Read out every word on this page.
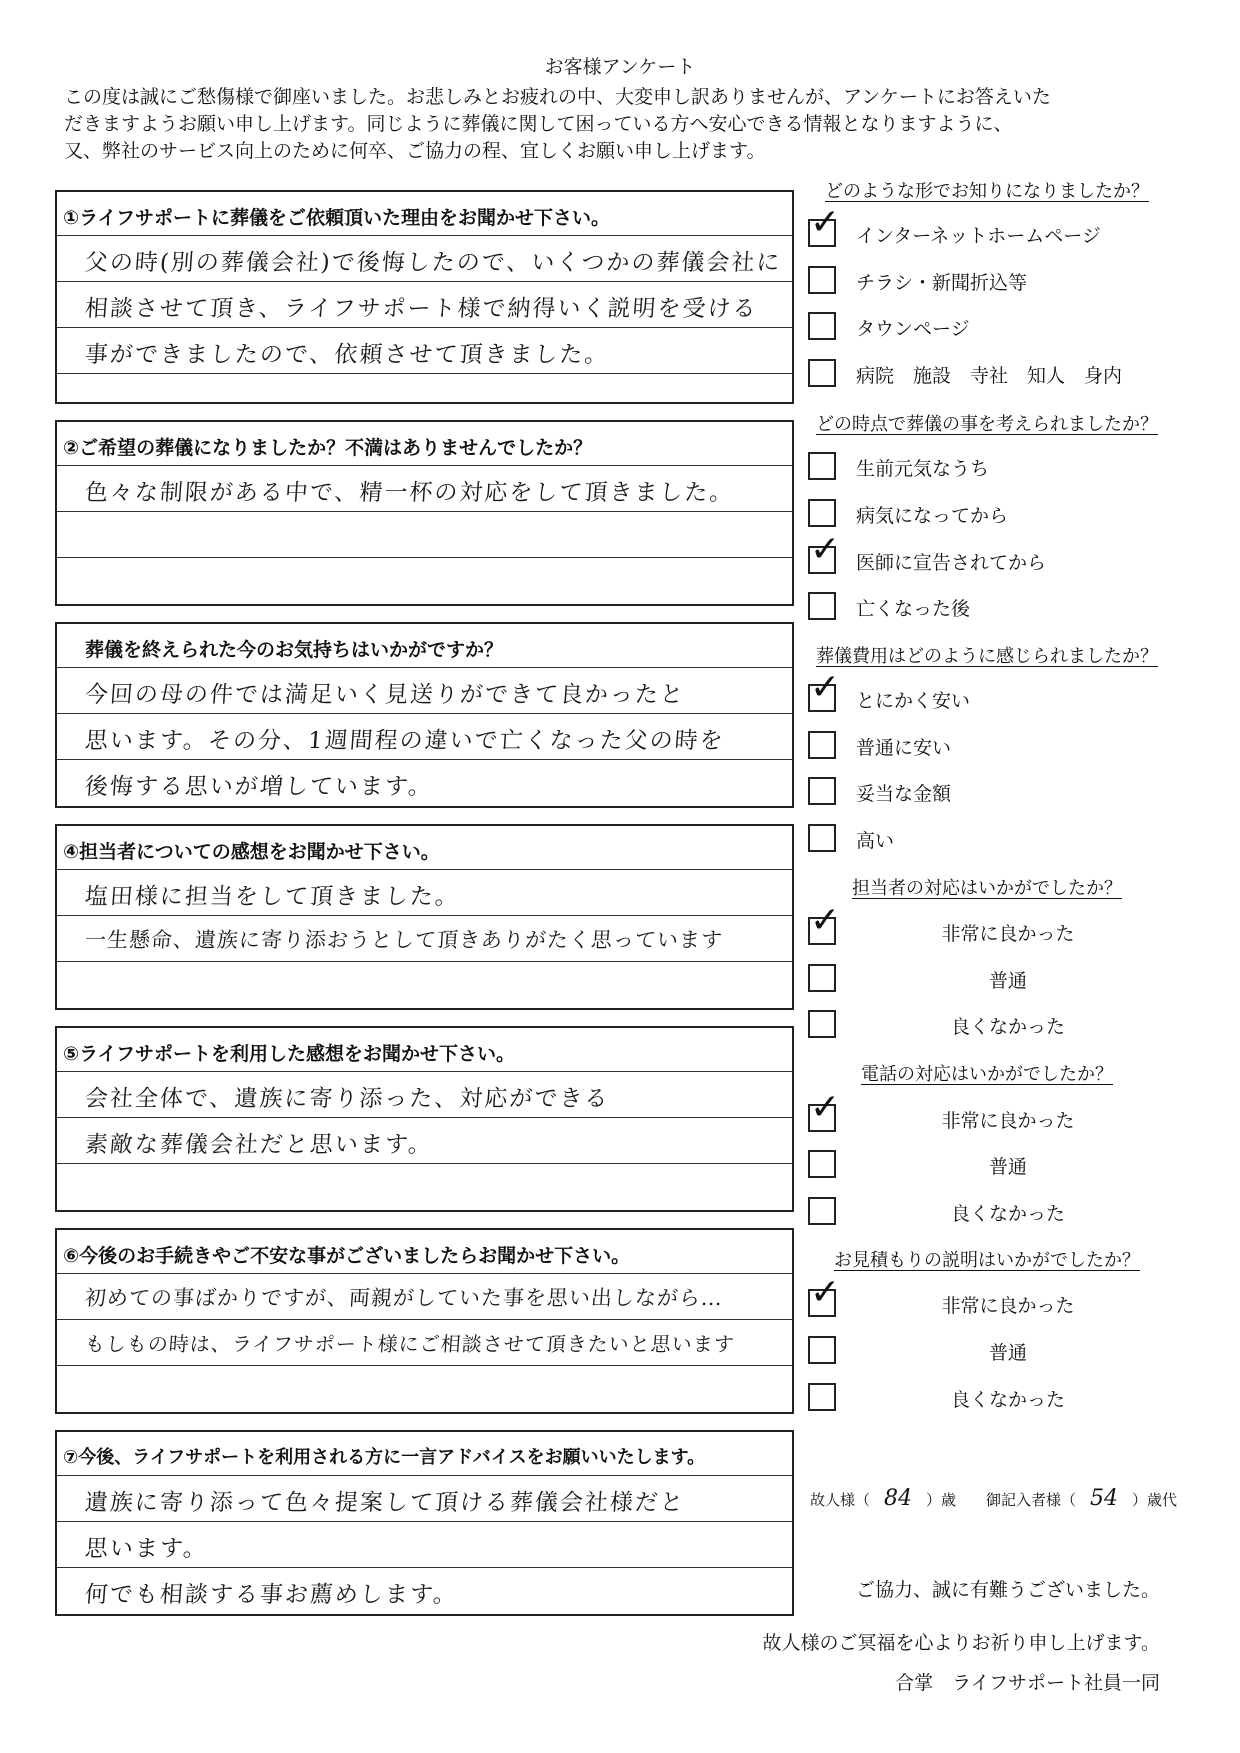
お客様アンケート
この度は誠にご愁傷様で御座いました。お悲しみとお疲れの中、大変申し訳ありませんが、アンケートにお答えいた
だきますようお願い申し上げます。同じように葬儀に関して困っている方へ安心できる情報となりますように、
又、弊社のサービス向上のために何卒、ご協力の程、宜しくお願い申し上げます。
①ライフサポートに葬儀をご依頼頂いた理由をお聞かせ下さい。
父の時(別の葬儀会社)で後悔したので、いくつかの葬儀会社に
相談させて頂き、ライフサポート様で納得いく説明を受ける
事ができましたので、依頼させて頂きました。
②ご希望の葬儀になりましたか？不満はありませんでしたか？
色々な制限がある中で、精一杯の対応をして頂きました。
葬儀を終えられた今のお気持ちはいかがですか？
今回の母の件では満足いく見送りができて良かったと
思います。その分、1週間程の違いで亡くなった父の時を
後悔する思いが増しています。
④担当者についての感想をお聞かせ下さい。
塩田様に担当をして頂きました。
一生懸命、遺族に寄り添おうとして頂きありがたく思っています
⑤ライフサポートを利用した感想をお聞かせ下さい。
会社全体で、遺族に寄り添った、対応ができる
素敵な葬儀会社だと思います。
⑥今後のお手続きやご不安な事がございましたらお聞かせ下さい。
初めての事ばかりですが、両親がしていた事を思い出しながら…
もしもの時は、ライフサポート様にご相談させて頂きたいと思います
⑦今後、ライフサポートを利用される方に一言アドバイスをお願いいたします。
遺族に寄り添って色々提案して頂ける葬儀会社様だと
思います。
何でも相談する事お薦めします。
どのような形でお知りになりましたか？
✓ インターネットホームページ
チラシ・新聞折込等
タウンページ
病院　施設　寺社　知人　身内
どの時点で葬儀の事を考えられましたか？
生前元気なうち
病気になってから
✓ 医師に宣告されてから
亡くなった後
葬儀費用はどのように感じられましたか？
✓ とにかく安い
普通に安い
妥当な金額
高い
担当者の対応はいかがでしたか？
✓	非常に良かった
普通
良くなかった
電話の対応はいかがでしたか？
✓	非常に良かった
普通
良くなかった
お見積もりの説明はいかがでしたか？
✓	非常に良かった
普通
良くなかった
故人様（ 84 ）歳 御記入者様（ 54 ）歳代
ご協力、誠に有難うございました。
故人様のご冥福を心よりお祈り申し上げます。
合掌　ライフサポート社員一同
